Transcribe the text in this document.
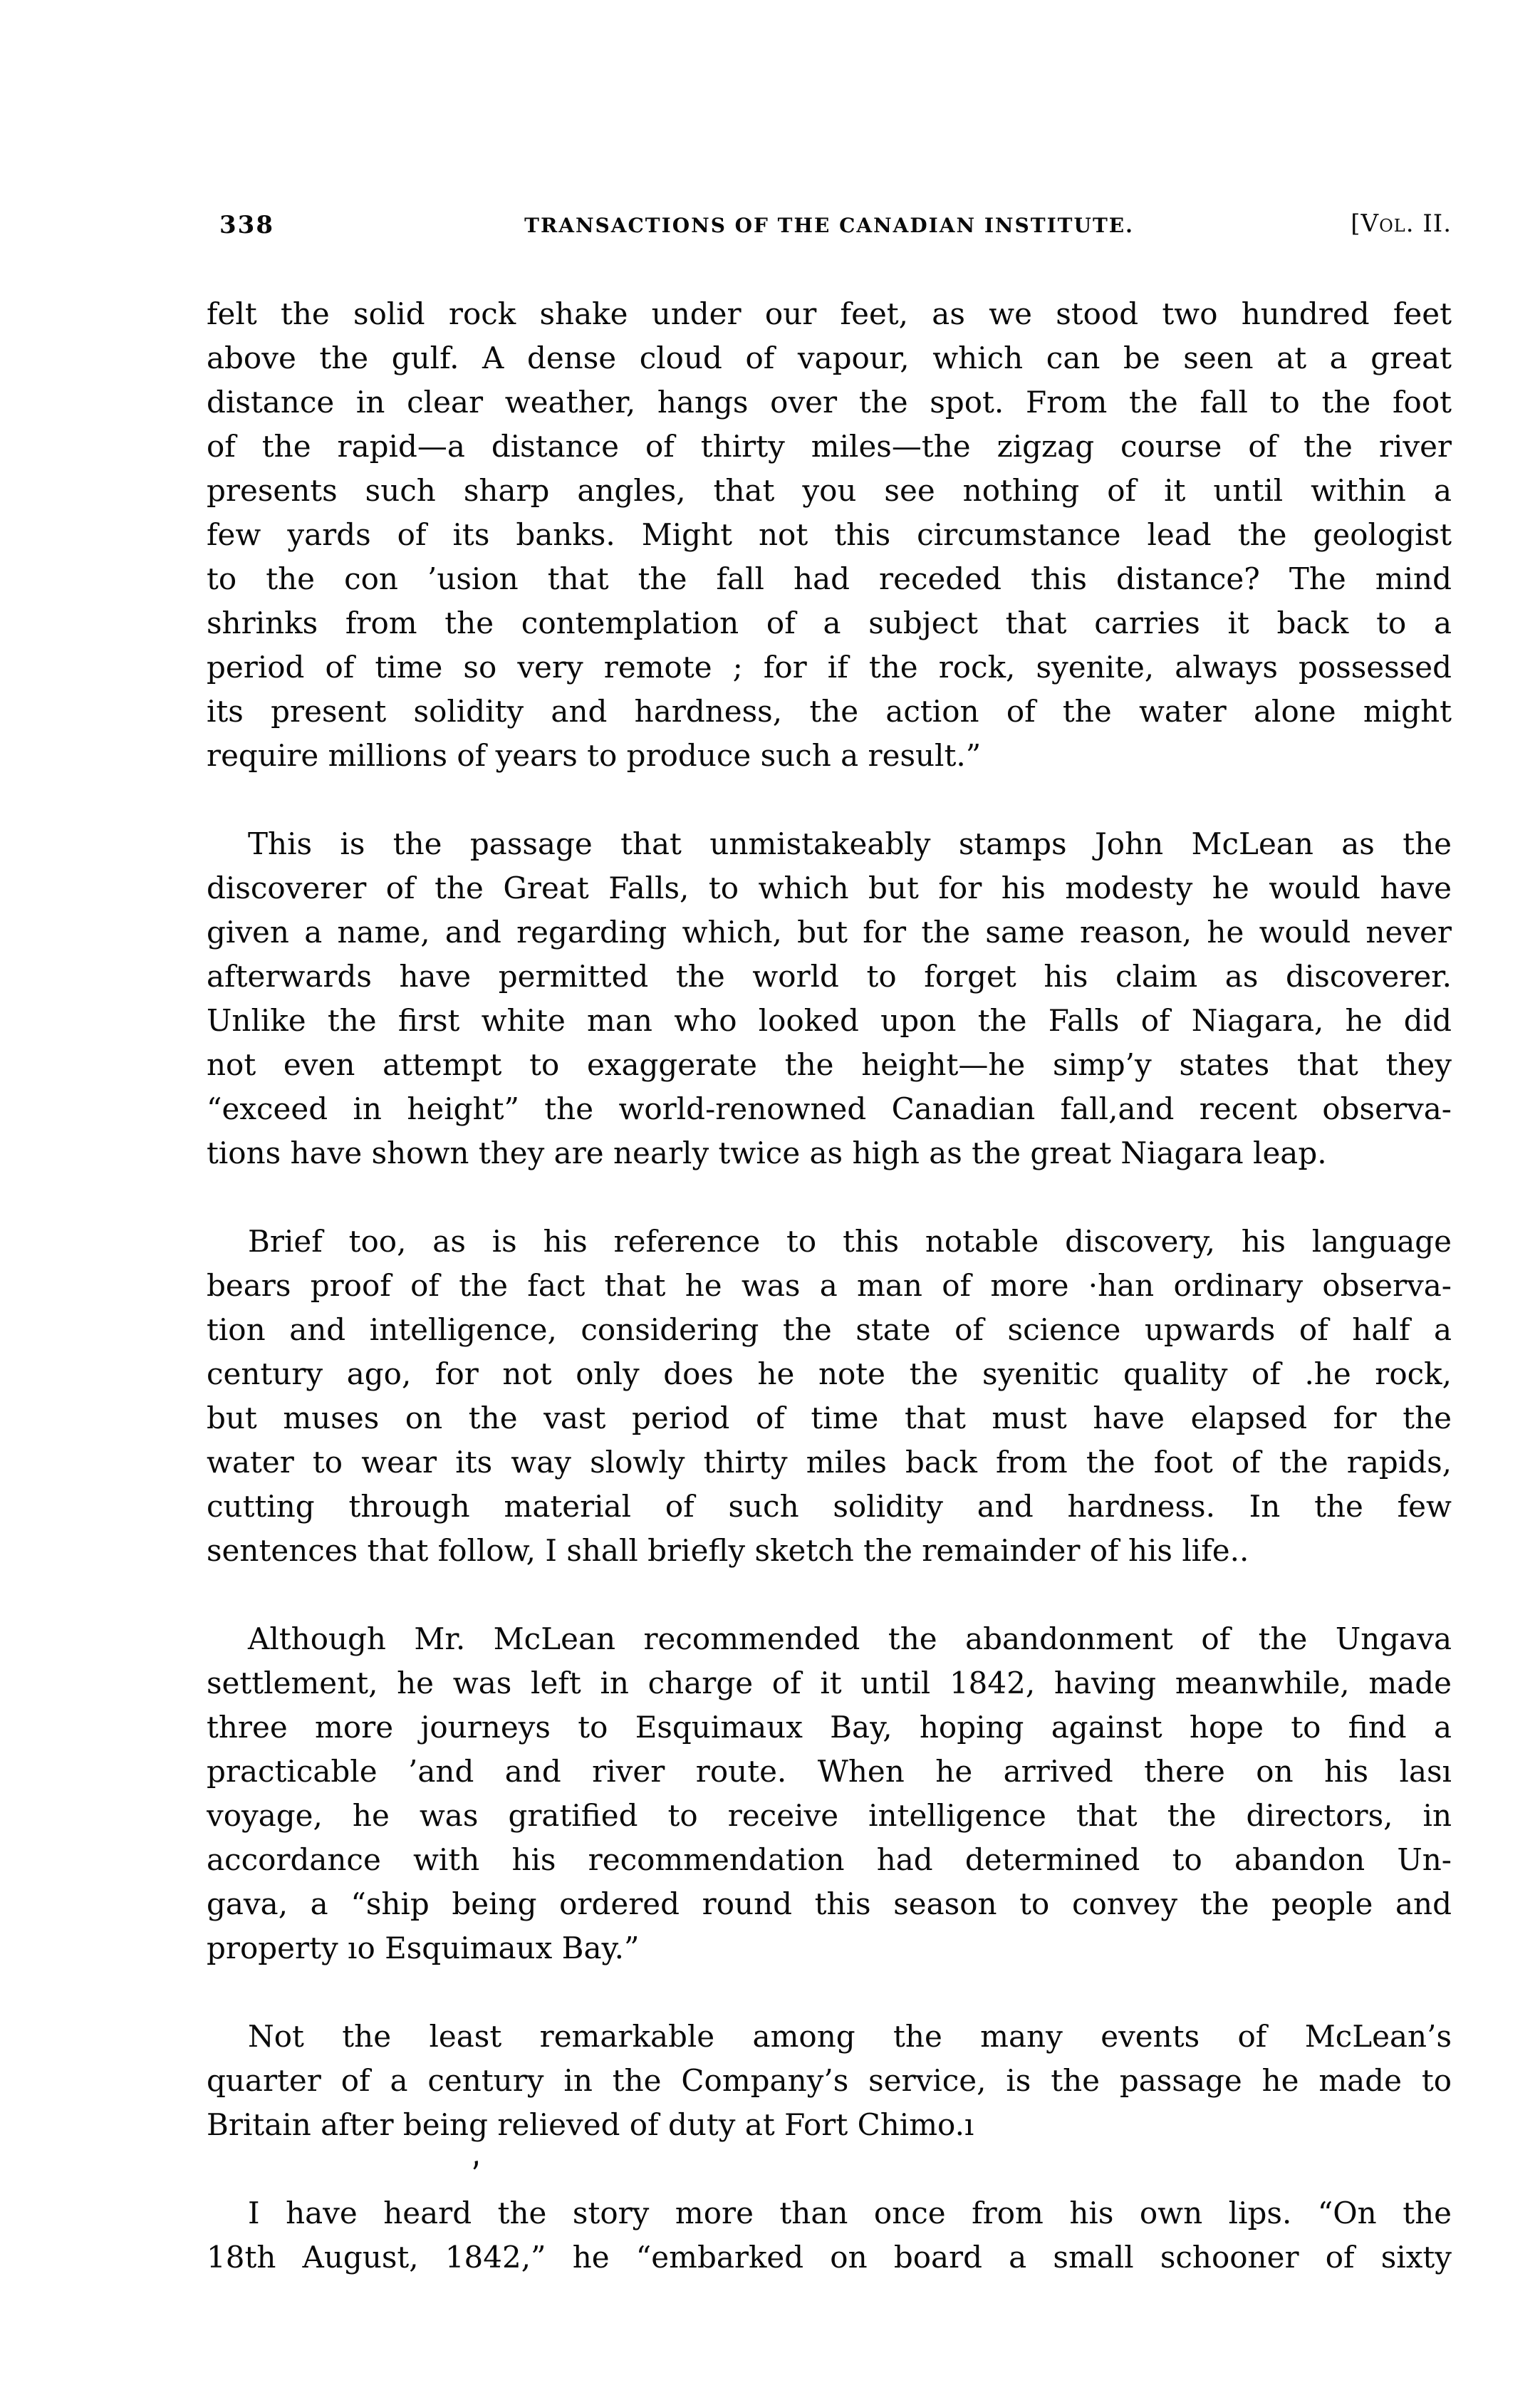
338	TRANSACTIONS OF THE CANADIAN INSTITUTE.	[Vol. II.
felt the solid rock shake under our feet, as we stood two hundred feet
above the gulf. A dense cloud of vapour, which can be seen at a great
distance in clear weather, hangs over the spot. From the fall to the foot
of the rapid—a distance of thirty miles—the zigzag course of the river
presents such sharp angles, that you see nothing of it until within a
few yards of its banks. Might not this circumstance lead the geologist
to the con ’usion that the fall had receded this distance? The mind
shrinks from the contemplation of a subject that carries it back to a
period of time so very remote ; for if the rock, syenite, always possessed
its present solidity and hardness, the action of the water alone might
require millions of years to produce such a result.”
This is the passage that unmistakeably stamps John McLean as the
discoverer of the Great Falls, to which but for his modesty he would have
given a name, and regarding which, but for the same reason, he would never
afterwards have permitted the world to forget his claim as discoverer.
Unlike the first white man who looked upon the Falls of Niagara, he did
not even attempt to exaggerate the height—he simp’y states that they
“exceed in height” the world-renowned Canadian fall,and recent observa-
tions have shown they are nearly twice as high as the great Niagara leap.
Brief too, as is his reference to this notable discovery, his language
bears proof of the fact that he was a man of more ·han ordinary observa-
tion and intelligence, considering the state of science upwards of half a
century ago, for not only does he note the syenitic quality of .he rock,
but muses on the vast period of time that must have elapsed for the
water to wear its way slowly thirty miles back from the foot of the rapids,
cutting through material of such solidity and hardness. In the few
sentences that follow, I shall briefly sketch the remainder of his life..
Although Mr. McLean recommended the abandonment of the Ungava
settlement, he was left in charge of it until 1842, having meanwhile, made
three more journeys to Esquimaux Bay, hoping against hope to find a
practicable ’and and river route. When he arrived there on his lası
voyage, he was gratified to receive intelligence that the directors, in
accordance with his recommendation had determined to abandon Un-
gava, a “ship being ordered round this season to convey the people and
property ıo Esquimaux Bay.”
Not the least remarkable among the many events of McLean’s
quarter of a century in the Company’s service, is the passage he made to
Britain after being relieved of duty at Fort Chimo.ı
I have heard the story more than once from his own lips. “On the
18th August, 1842,” he “embarked on board a small schooner of sixty
‚
